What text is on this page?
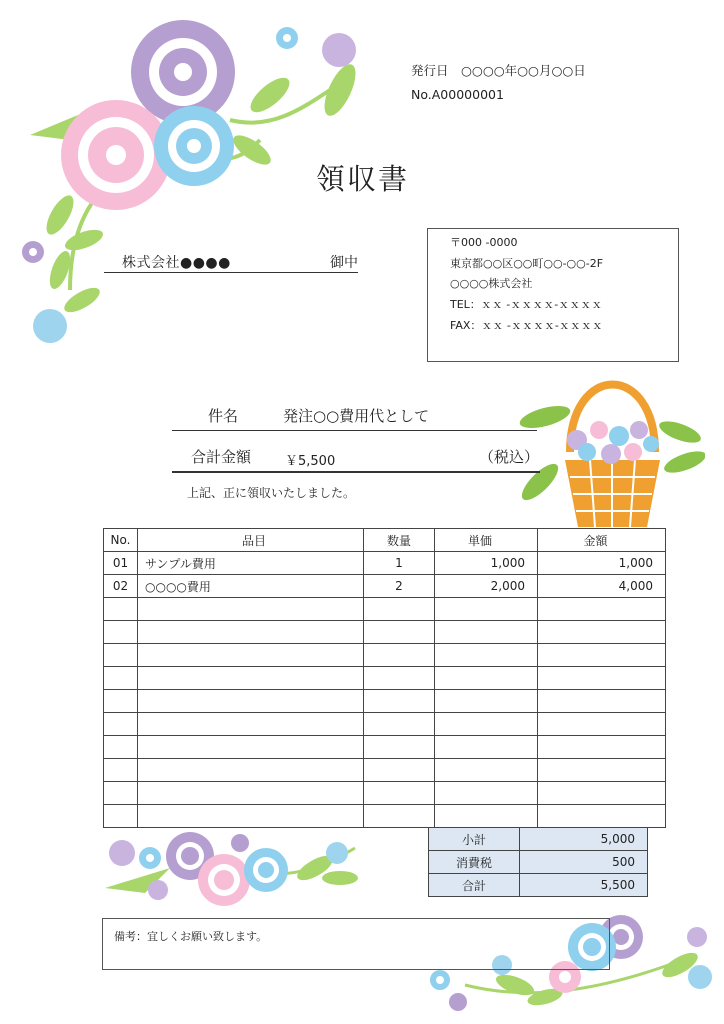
発行日　○○○○年○○月○○日
No.A00000001
領収書
株式会社●●●●	御中
〒000 -0000
東京都○○区○○町○○-○○-2F
○○○○株式会社
TEL：ｘｘ -ｘｘｘｘ-ｘｘｘｘ
FAX：ｘｘ -ｘｘｘｘ-ｘｘｘｘ
件名	発注○○費用代として
合計金額	￥5,500	（税込）
上記、正に領収いたしました。
No.	品目	数量	単価	金額
01	サンプル費用	1	1,000	1,000
02	○○○○費用	2	2,000	4,000

小計	5,000
消費税	500
合計	5,500
備考：宜しくお願い致します。
